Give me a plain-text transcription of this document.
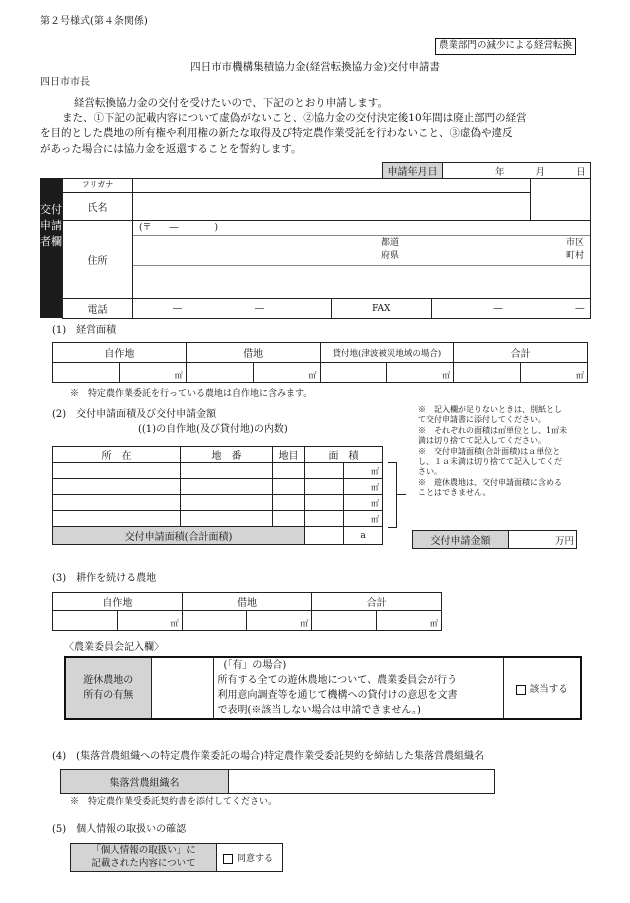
第２号様式(第４条関係)
農業部門の減少による経営転換
四日市市機構集積協力金(経営転換協力金)交付申請書
四日市市長
経営転換協力金の交付を受けたいので、下記のとおり申請します。
また、①下記の記載内容について虚偽がないこと、②協力金の交付決定後10年間は廃止部門の経営
を目的とした農地の所有権や利用権の新たな取得及び特定農作業受託を行わないこと、③虚偽や違反
があった場合には協力金を返還することを誓約します。
申請年月日	年	月	日
交付申請者欄
フリガナ				
氏名				
住所	(〒　　―　　　　)
都道
府県
市区
町村			

電話	― ―	FAX	― ―	
(1)　経営面積
自作地		借地		貸付地(津波被災地域の場合)		合計	
	㎡		㎡		㎡		㎡
※　特定農作業委託を行っている農地は自作地に含みます。
(2)　交付申請面積及び交付申請金額
((1)の自作地(及び貸付地)の内数)
所　在	地　番	地目	面　積	
				㎡
				㎡
				㎡
				㎡
交付申請面積(合計面積)				a
※　記入欄が足りないときは、別紙として交付申請書に添付してください。
※　それぞれの面積は㎡単位とし、1㎡未満は切り捨てて記入してください。
※　交付申請面積(合計面積)はａ単位とし、１ａ未満は切り捨てて記入してください。
※　遊休農地は、交付申請面積に含めることはできません。
交付申請金額	万円
(3)　耕作を続ける農地
自作地		借地		合計	
	㎡		㎡		㎡
〈農業委員会記入欄〉
遊休農地の
所有の有無

(「有」の場合)
所有する全ての遊休農地について、農業委員会が行う
利用意向調査等を通じて機構への貸付けの意思を文書
で表明(※該当しない場合は申請できません。)
	該当する
(4)　(集落営農組織への特定農作業委託の場合)特定農作業受委託契約を締結した集落営農組織名
集落営農組織名	
※　特定農作業受委託契約書を添付してください。
(5)　個人情報の取扱いの確認
「個人情報の取扱い」に
記載された内容について	同意する
